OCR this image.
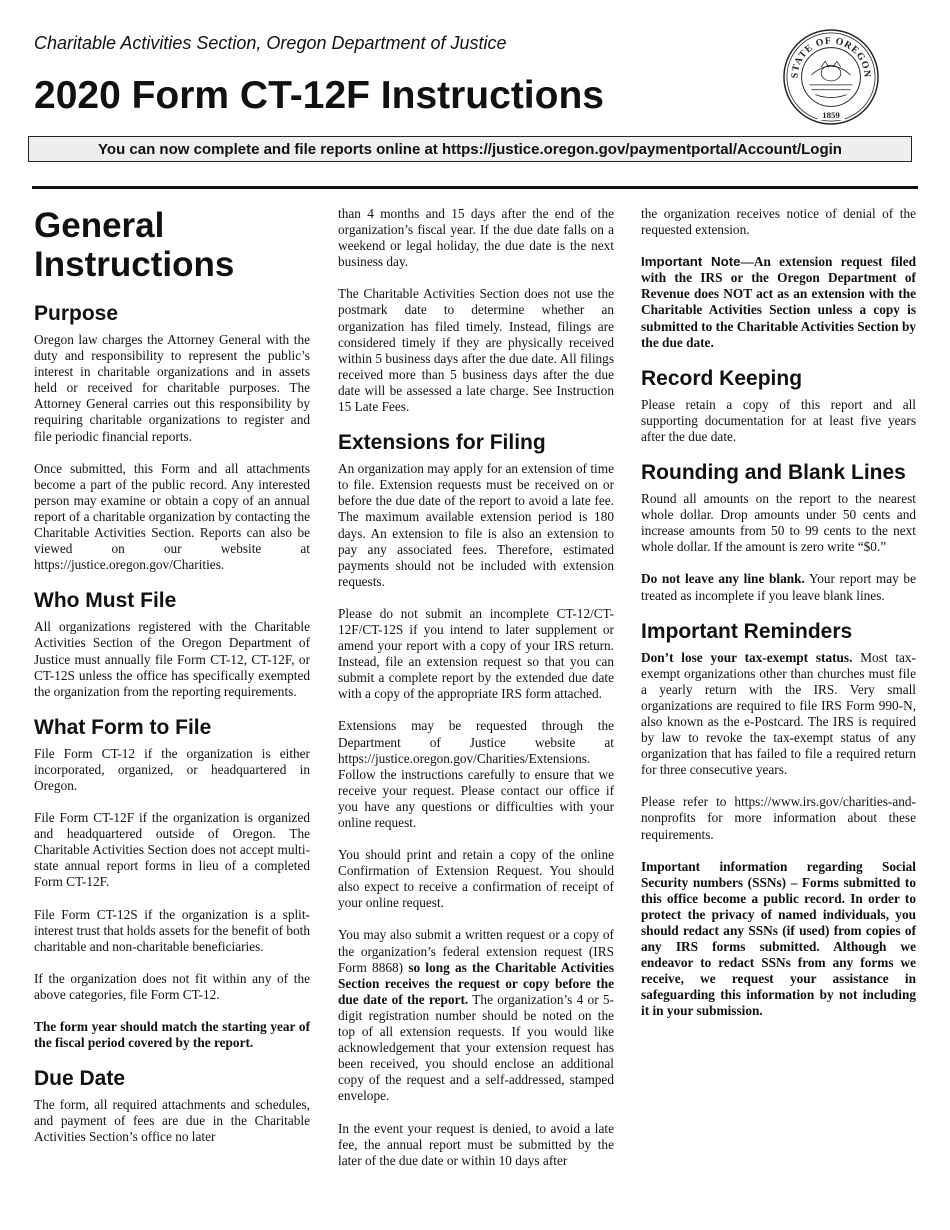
Charitable Activities Section, Oregon Department of Justice
2020 Form CT-12F Instructions	STATE OF OREGON
1859
You can now complete and file reports online at https://justice.oregon.gov/paymentportal/Account/Login
General Instructions
Purpose

Oregon law charges the Attorney General with the duty and responsibility to represent the public’s interest in charitable organizations and in assets held or received for charitable purposes. The Attorney General carries out this responsibility by requiring charitable organizations to register and file periodic financial reports.

Once submitted, this Form and all attachments become a part of the public record. Any interested person may examine or obtain a copy of an annual report of a charitable organization by contacting the Charitable Activities Section. Reports can also be viewed on our website at https://justice.oregon.gov/Charities.

Who Must File

All organizations registered with the Charitable Activities Section of the Oregon Department of Justice must annually file Form CT-12, CT-12F, or CT-12S unless the office has specifically exempted the organization from the reporting requirements.

What Form to File

File Form CT-12 if the organization is either incorporated, organized, or headquartered in Oregon.

File Form CT-12F if the organization is organized and headquartered outside of Oregon. The Charitable Activities Section does not accept multi-state annual report forms in lieu of a completed Form CT-12F.

File Form CT-12S if the organization is a split-interest trust that holds assets for the benefit of both charitable and non-charitable beneficiaries.

If the organization does not fit within any of the above categories, file Form CT-12.

The form year should match the starting year of the fiscal period covered by the report.

Due Date

The form, all required attachments and schedules, and payment of fees are due in the Charitable Activities Section’s office no later

than 4 months and 15 days after the end of the organization’s fiscal year. If the due date falls on a weekend or legal holiday, the due date is the next business day.

The Charitable Activities Section does not use the postmark date to determine whether an organization has filed timely. Instead, filings are considered timely if they are physically received within 5 business days after the due date. All filings received more than 5 business days after the due date will be assessed a late charge. See Instruction 15 Late Fees.

Extensions for Filing

An organization may apply for an extension of time to file. Extension requests must be received on or before the due date of the report to avoid a late fee. The maximum available extension period is 180 days. An extension to file is also an extension to pay any associated fees. Therefore, estimated payments should not be included with extension requests.

Please do not submit an incomplete CT-12/CT-12F/CT-12S if you intend to later supplement or amend your report with a copy of your IRS return. Instead, file an extension request so that you can submit a complete report by the extended due date with a copy of the appropriate IRS form attached.

Extensions may be requested through the Department of Justice website at https://justice.oregon.gov/Charities/Extensions. Follow the instructions carefully to ensure that we receive your request. Please contact our office if you have any questions or difficulties with your online request.

You should print and retain a copy of the online Confirmation of Extension Request. You should also expect to receive a confirmation of receipt of your online request.

You may also submit a written request or a copy of the organization’s federal extension request (IRS Form 8868) so long as the Charitable Activities Section receives the request or copy before the due date of the report. The organization’s 4 or 5-digit registration number should be noted on the top of all extension requests. If you would like acknowledgement that your extension request has been received, you should enclose an additional copy of the request and a self-addressed, stamped envelope.

In the event your request is denied, to avoid a late fee, the annual report must be submitted by the later of the due date or within 10 days after

the organization receives notice of denial of the requested extension.

Important Note—An extension request filed with the IRS or the Oregon Department of Revenue does NOT act as an extension with the Charitable Activities Section unless a copy is submitted to the Charitable Activities Section by the due date.

Record Keeping

Please retain a copy of this report and all supporting documentation for at least five years after the due date.

Rounding and Blank Lines

Round all amounts on the report to the nearest whole dollar. Drop amounts under 50 cents and increase amounts from 50 to 99 cents to the next whole dollar. If the amount is zero write “$0.”

Do not leave any line blank. Your report may be treated as incomplete if you leave blank lines.

Important Reminders

Don’t lose your tax-exempt status. Most tax-exempt organizations other than churches must file a yearly return with the IRS. Very small organizations are required to file IRS Form 990-N, also known as the e-Postcard. The IRS is required by law to revoke the tax-exempt status of any organization that has failed to file a required return for three consecutive years.

Please refer to https://www.irs.gov/charities-and-nonprofits for more information about these requirements.

Important information regarding Social Security numbers (SSNs) – Forms submitted to this office become a public record. In order to protect the privacy of named individuals, you should redact any SSNs (if used) from copies of any IRS forms submitted. Although we endeavor to redact SSNs from any forms we receive, we request your assistance in safeguarding this information by not including it in your submission.
